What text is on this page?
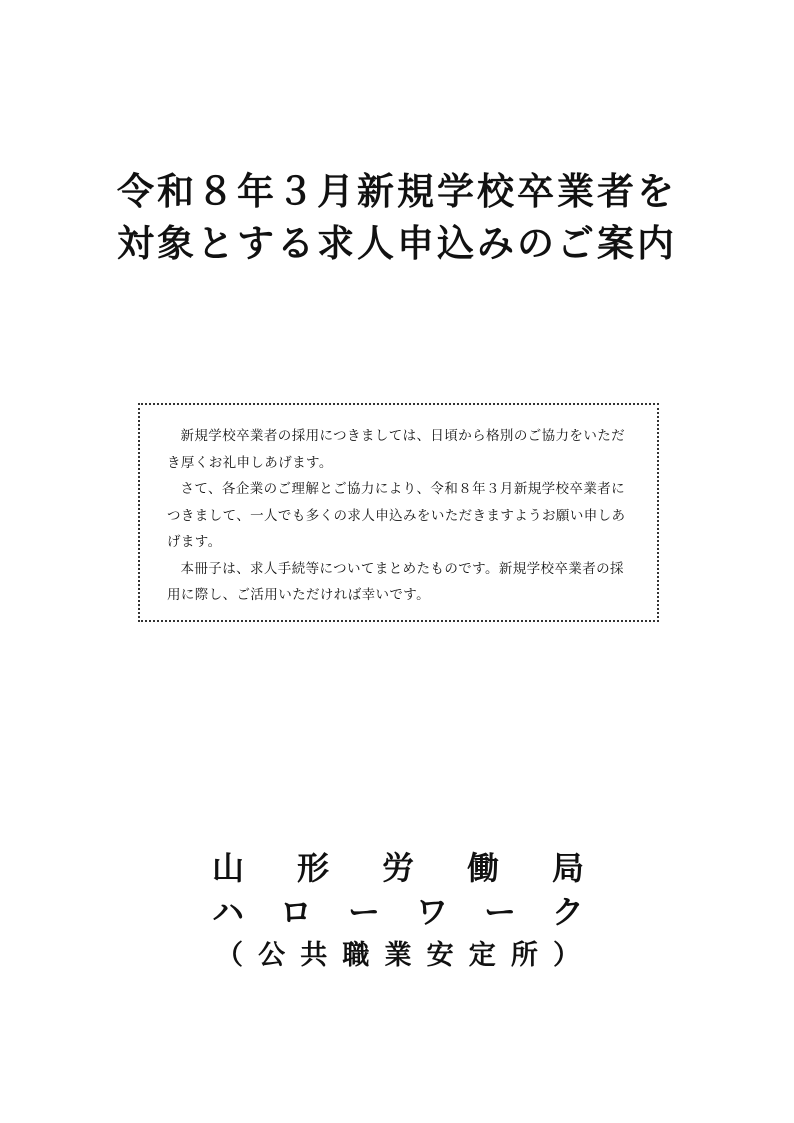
令和８年３月新規学校卒業者を
対象とする求人申込みのご案内

新規学校卒業者の採用につきましては、日頃から格別のご協力をいただき厚くお礼申しあげます。

さて、各企業のご理解とご協力により、令和８年３月新規学校卒業者につきまして、一人でも多くの求人申込みをいただきますようお願い申しあげます。

本冊子は、求人手続等についてまとめたものです。新規学校卒業者の採用に際し、ご活用いただければ幸いです。

山 形 労 働 局
ハ ロ ー ワ ー ク
（ 公 共 職 業 安 定 所 ）
